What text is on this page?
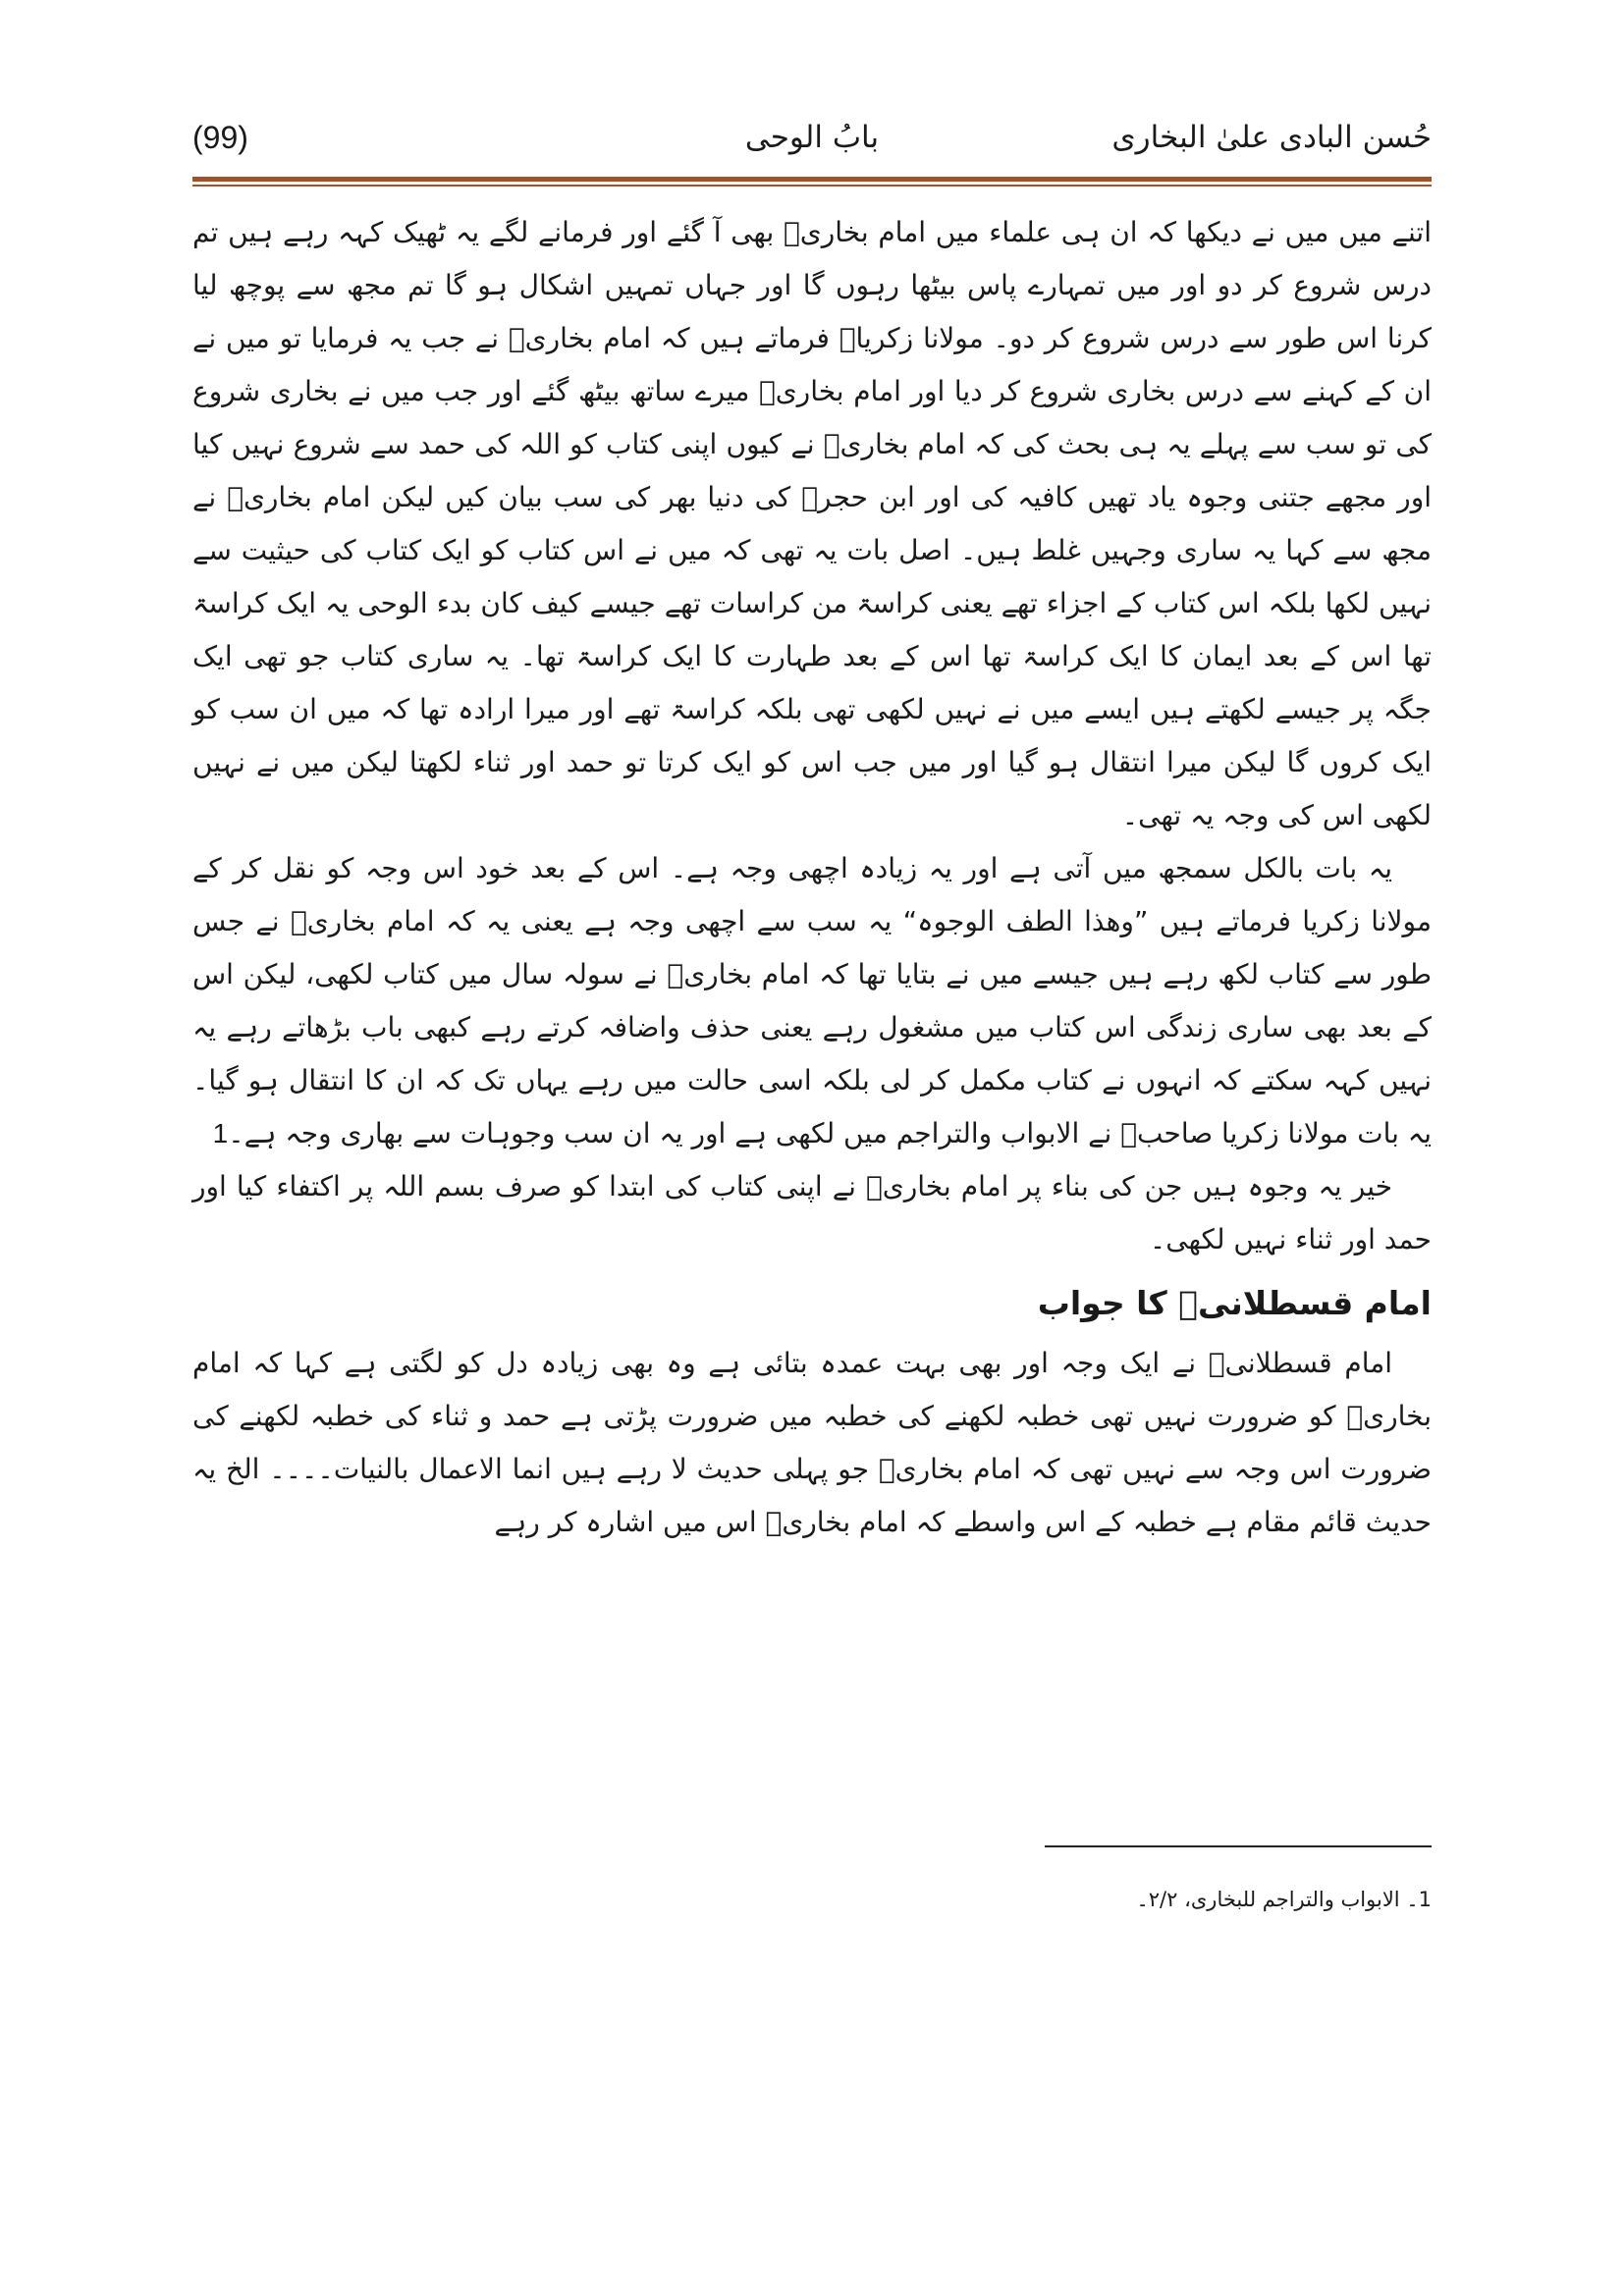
حُسن البادی علیٰ البخاری
بابُ الوحی
(99)

اتنے میں میں نے دیکھا کہ ان ہی علماء میں امام بخاریؒ بھی آ گئے اور فرمانے لگے یہ ٹھیک کہہ رہے ہیں تم درس شروع کر دو اور میں تمہارے پاس بیٹھا رہوں گا اور جہاں تمہیں اشکال ہو گا تم مجھ سے پوچھ لیا کرنا اس طور سے درس شروع کر دو۔ مولانا زکریاؒ فرماتے ہیں کہ امام بخاریؒ نے جب یہ فرمایا تو میں نے ان کے کہنے سے درس بخاری شروع کر دیا اور امام بخاریؒ میرے ساتھ بیٹھ گئے اور جب میں نے بخاری شروع کی تو سب سے پہلے یہ ہی بحث کی کہ امام بخاریؒ نے کیوں اپنی کتاب کو اللہ کی حمد سے شروع نہیں کیا اور مجھے جتنی وجوہ یاد تھیں کافیہ کی اور ابن حجرؒ کی دنیا بھر کی سب بیان کیں لیکن امام بخاریؒ نے مجھ سے کہا یہ ساری وجہیں غلط ہیں۔ اصل بات یہ تھی کہ میں نے اس کتاب کو ایک کتاب کی حیثیت سے نہیں لکھا بلکہ اس کتاب کے اجزاء تھے یعنی کراسۃ من کراسات تھے جیسے کیف کان بدء الوحی یہ ایک کراسۃ تھا اس کے بعد ایمان کا ایک کراسۃ تھا اس کے بعد طہارت کا ایک کراسۃ تھا۔ یہ ساری کتاب جو تھی ایک جگہ پر جیسے لکھتے ہیں ایسے میں نے نہیں لکھی تھی بلکہ کراسۃ تھے اور میرا ارادہ تھا کہ میں ان سب کو ایک کروں گا لیکن میرا انتقال ہو گیا اور میں جب اس کو ایک کرتا تو حمد اور ثناء لکھتا لیکن میں نے نہیں لکھی اس کی وجہ یہ تھی۔

یہ بات بالکل سمجھ میں آتی ہے اور یہ زیادہ اچھی وجہ ہے۔ اس کے بعد خود اس وجہ کو نقل کر کے مولانا زکریا فرماتے ہیں ”وھذا الطف الوجوہ“ یہ سب سے اچھی وجہ ہے یعنی یہ کہ امام بخاریؒ نے جس طور سے کتاب لکھ رہے ہیں جیسے میں نے بتایا تھا کہ امام بخاریؒ نے سولہ سال میں کتاب لکھی، لیکن اس کے بعد بھی ساری زندگی اس کتاب میں مشغول رہے یعنی حذف واضافہ کرتے رہے کبھی باب بڑھاتے رہے یہ نہیں کہہ سکتے کہ انہوں نے کتاب مکمل کر لی بلکہ اسی حالت میں رہے یہاں تک کہ ان کا انتقال ہو گیا۔ یہ بات مولانا زکریا صاحبؒ نے الابواب والتراجم میں لکھی ہے اور یہ ان سب وجوہات سے بھاری وجہ ہے۔1

خیر یہ وجوہ ہیں جن کی بناء پر امام بخاریؒ نے اپنی کتاب کی ابتدا کو صرف بسم اللہ پر اکتفاء کیا اور حمد اور ثناء نہیں لکھی۔

امام قسطلانیؒ کا جواب

امام قسطلانیؒ نے ایک وجہ اور بھی بہت عمدہ بتائی ہے وہ بھی زیادہ دل کو لگتی ہے کہا کہ امام بخاریؒ کو ضرورت نہیں تھی خطبہ لکھنے کی خطبہ میں ضرورت پڑتی ہے حمد و ثناء کی خطبہ لکھنے کی ضرورت اس وجہ سے نہیں تھی کہ امام بخاریؒ جو پہلی حدیث لا رہے ہیں انما الاعمال بالنیات۔۔۔۔ الخ یہ حدیث قائم مقام ہے خطبہ کے اس واسطے کہ امام بخاریؒ اس میں اشارہ کر رہے

1۔ الابواب والتراجم للبخاری، ۲/۲۔
